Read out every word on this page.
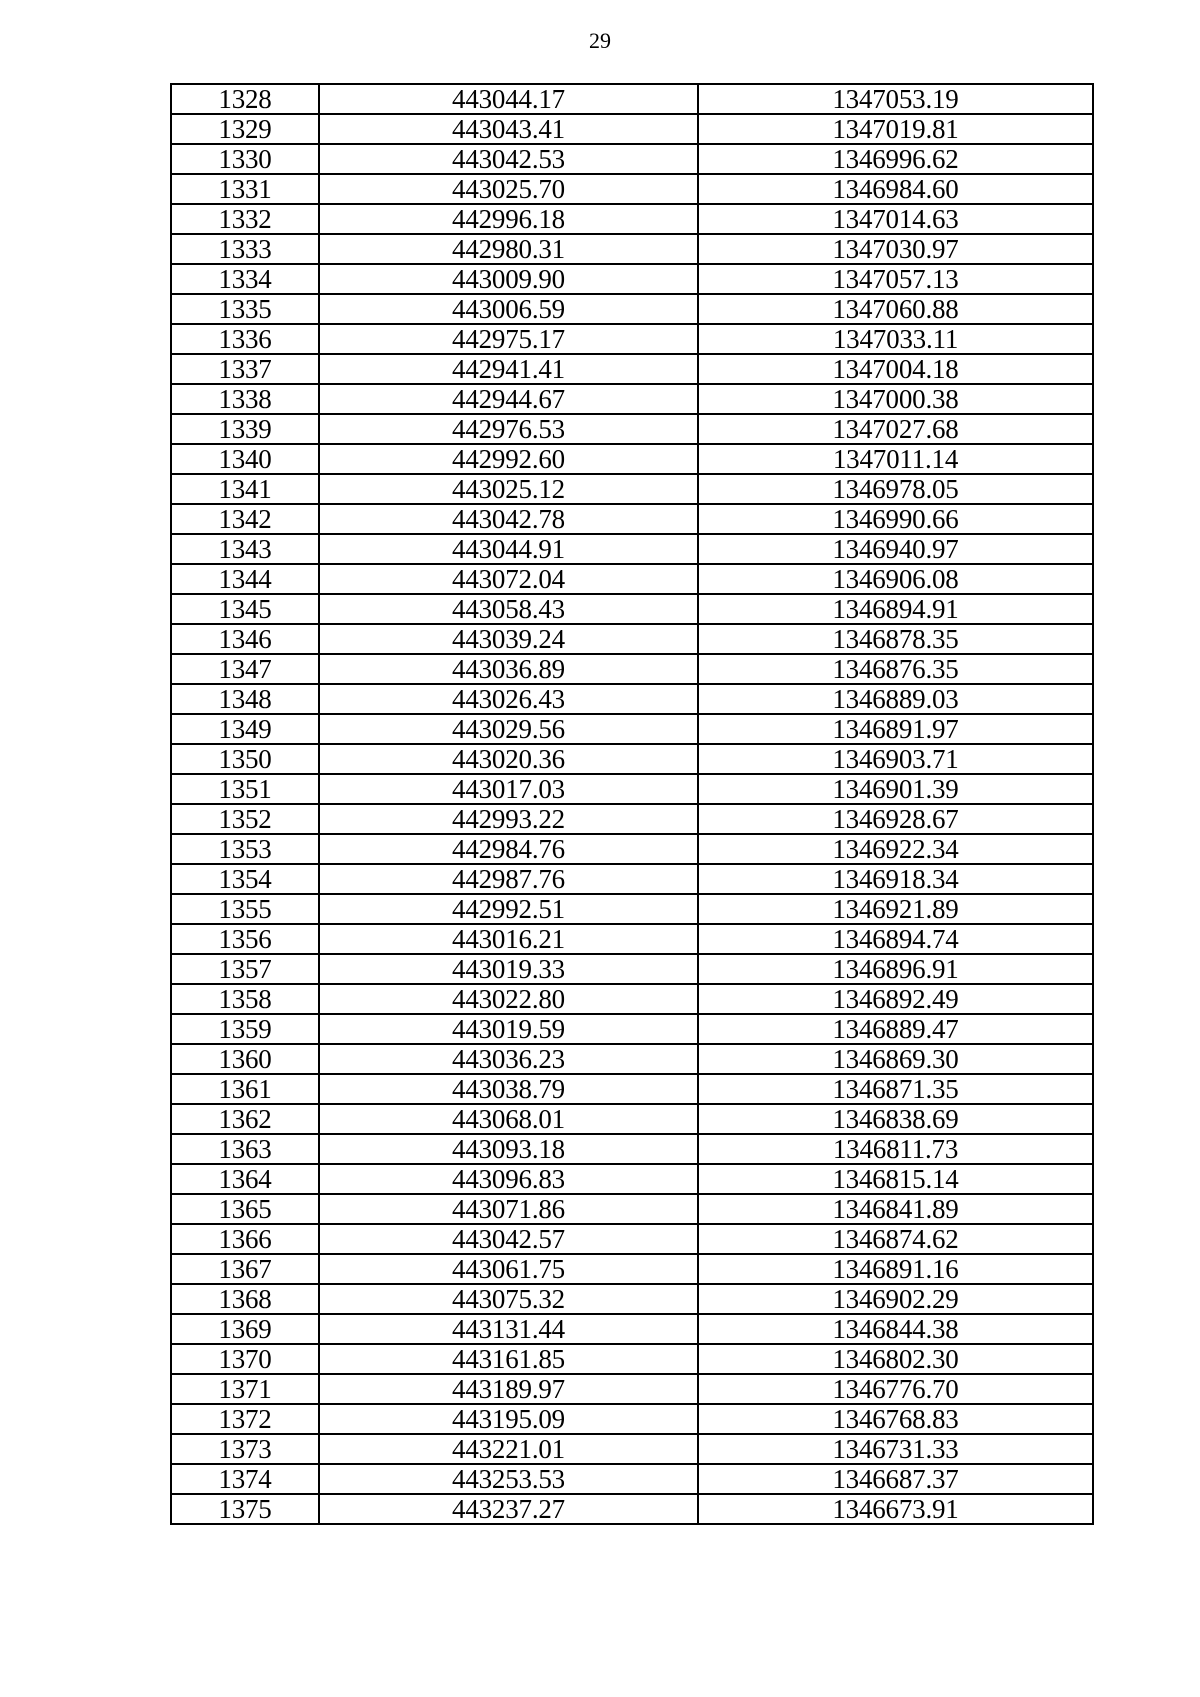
29
1328	443044.17	1347053.19
1329	443043.41	1347019.81
1330	443042.53	1346996.62
1331	443025.70	1346984.60
1332	442996.18	1347014.63
1333	442980.31	1347030.97
1334	443009.90	1347057.13
1335	443006.59	1347060.88
1336	442975.17	1347033.11
1337	442941.41	1347004.18
1338	442944.67	1347000.38
1339	442976.53	1347027.68
1340	442992.60	1347011.14
1341	443025.12	1346978.05
1342	443042.78	1346990.66
1343	443044.91	1346940.97
1344	443072.04	1346906.08
1345	443058.43	1346894.91
1346	443039.24	1346878.35
1347	443036.89	1346876.35
1348	443026.43	1346889.03
1349	443029.56	1346891.97
1350	443020.36	1346903.71
1351	443017.03	1346901.39
1352	442993.22	1346928.67
1353	442984.76	1346922.34
1354	442987.76	1346918.34
1355	442992.51	1346921.89
1356	443016.21	1346894.74
1357	443019.33	1346896.91
1358	443022.80	1346892.49
1359	443019.59	1346889.47
1360	443036.23	1346869.30
1361	443038.79	1346871.35
1362	443068.01	1346838.69
1363	443093.18	1346811.73
1364	443096.83	1346815.14
1365	443071.86	1346841.89
1366	443042.57	1346874.62
1367	443061.75	1346891.16
1368	443075.32	1346902.29
1369	443131.44	1346844.38
1370	443161.85	1346802.30
1371	443189.97	1346776.70
1372	443195.09	1346768.83
1373	443221.01	1346731.33
1374	443253.53	1346687.37
1375	443237.27	1346673.91
